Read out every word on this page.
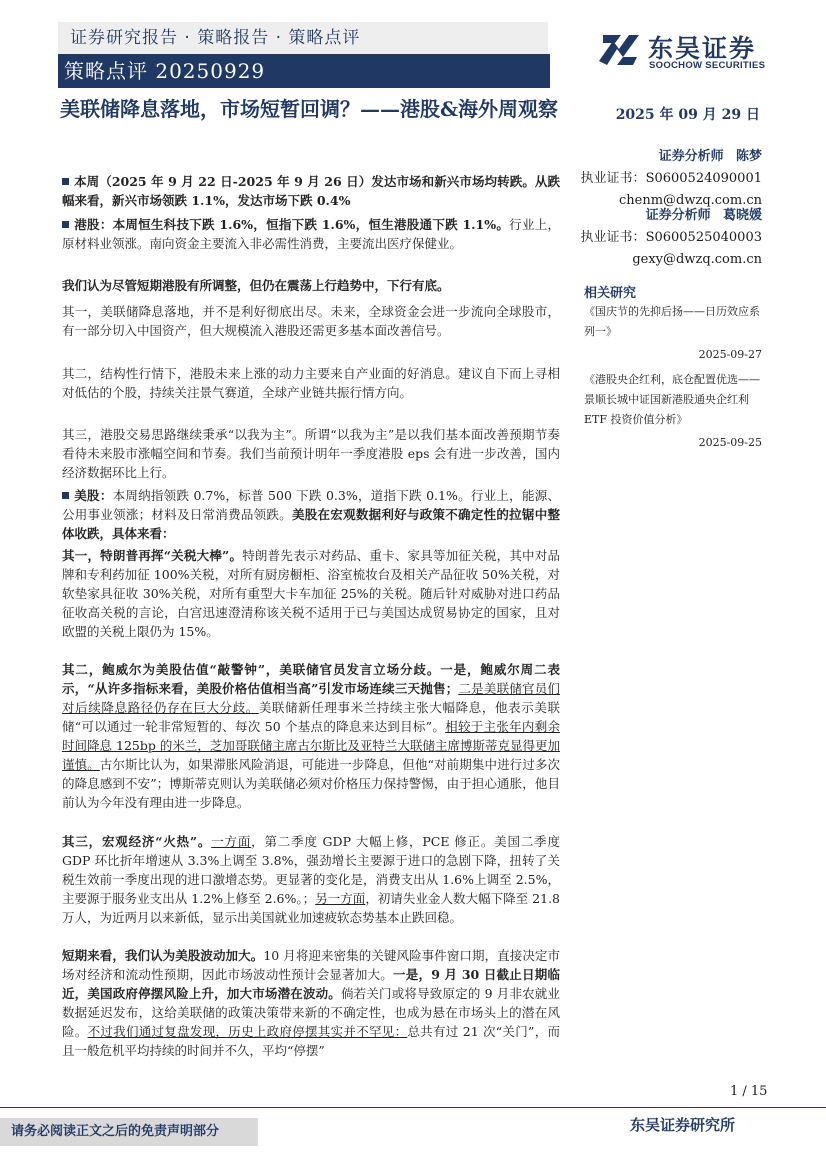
证券研究报告 · 策略报告 · 策略点评
策略点评 20250929
东吴证券
SOOCHOW SECURITIES
美联储降息落地，市场短暂回调？——港股&海外周观察	2025 年 09 月 29 日
证券分析师
陈梦
执业证书： S0600524090001
chenm@dwzq.com.cn
证券分析师
葛晓媛
执业证书： S0600525040003
gexy@dwzq.com.cn
相关研究
《国庆节的先抑后扬——日历效应系列一》
2025-09-27
《港股央企红利，底仓配置优选——景顺长城中证国新港股通央企红利 ETF 投资价值分析》
2025-09-25

本周（2025 年 9 月 22 日-2025 年 9 月 26 日）发达市场和新兴市场均转跌。从跌幅来看，新兴市场领跌 1.1%，发达市场下跌 0.4%

港股：本周恒生科技下跌 1.6%，恒指下跌 1.6%，恒生港股通下跌 1.1%。行业上，原材料业领涨。南向资金主要流入非必需性消费，主要流出医疗保健业。

我们认为尽管短期港股有所调整，但仍在震荡上行趋势中，下行有底。

其一，美联储降息落地，并不是利好彻底出尽。未来，全球资金会进一步流向全球股市，有一部分切入中国资产，但大规模流入港股还需更多基本面改善信号。

其二，结构性行情下，港股未来上涨的动力主要来自产业面的好消息。建议自下而上寻相对低估的个股，持续关注景气赛道，全球产业链共振行情方向。

其三，港股交易思路继续秉承“以我为主”。所谓“以我为主”是以我们基本面改善预期节奏看待未来股市涨幅空间和节奏。我们当前预计明年一季度港股 eps 会有进一步改善，国内经济数据环比上行。

美股：本周纳指领跌 0.7%，标普 500 下跌 0.3%，道指下跌 0.1%。行业上，能源、公用事业领涨；材料及日常消费品领跌。美股在宏观数据利好与政策不确定性的拉锯中整体收跌，具体来看：

其一，特朗普再挥“关税大棒”。特朗普先表示对药品、重卡、家具等加征关税，其中对品牌和专利药加征 100%关税，对所有厨房橱柜、浴室梳妆台及相关产品征收 50%关税，对软垫家具征收 30%关税，对所有重型大卡车加征 25%的关税。随后针对威胁对进口药品征收高关税的言论，白宫迅速澄清称该关税不适用于已与美国达成贸易协定的国家，且对欧盟的关税上限仍为 15%。

其二，鲍威尔为美股估值“敲警钟”，美联储官员发言立场分歧。一是，鲍威尔周二表示，“从许多指标来看，美股价格估值相当高”引发市场连续三天抛售；二是美联储官员们对后续降息路径仍存在巨大分歧。美联储新任理事米兰持续主张大幅降息，他表示美联储“可以通过一轮非常短暂的、每次 50 个基点的降息来达到目标”。相较于主张年内剩余时间降息 125bp 的米兰，芝加哥联储主席古尔斯比及亚特兰大联储主席博斯蒂克显得更加谨慎。古尔斯比认为，如果滞胀风险消退，可能进一步降息，但他“对前期集中进行过多次的降息感到不安”；博斯蒂克则认为美联储必须对价格压力保持警惕，由于担心通胀，他目前认为今年没有理由进一步降息。

其三，宏观经济“火热”。一方面，第二季度 GDP 大幅上修，PCE 修正。美国二季度 GDP 环比折年增速从 3.3%上调至 3.8%，强劲增长主要源于进口的急剧下降，扭转了关税生效前一季度出现的进口激增态势。更显著的变化是，消费支出从 1.6%上调至 2.5%，主要源于服务业支出从 1.2%上修至 2.6%。；另一方面，初请失业金人数大幅下降至 21.8 万人，为近两月以来新低，显示出美国就业加速疲软态势基本止跌回稳。

短期来看，我们认为美股波动加大。10 月将迎来密集的关键风险事件窗口期，直接决定市场对经济和流动性预期，因此市场波动性预计会显著加大。一是，9 月 30 日截止日期临近，美国政府停摆风险上升，加大市场潜在波动。倘若关门或将导致原定的 9 月非农就业数据延迟发布，这给美联储的政策决策带来新的不确定性，也成为悬在市场头上的潜在风险。不过我们通过复盘发现，历史上政府停摆其实并不罕见：总共有过 21 次“关门”，而且一般危机平均持续的时间并不久，平均“停摆”

1 / 15
请务必阅读正文之后的免责声明部分	东吴证券研究所
